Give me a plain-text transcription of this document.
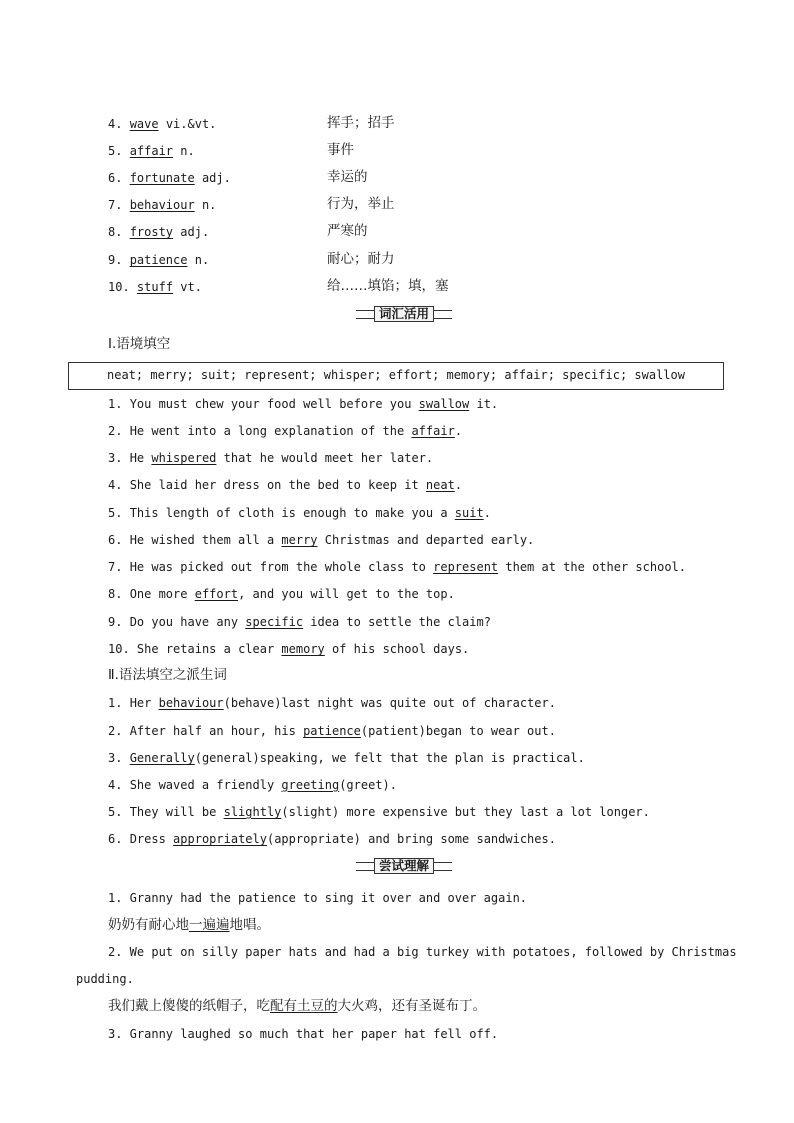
4. wave vi.&vt.	挥手；招手
5. affair n.	事件
6. fortunate adj.	幸运的
7. behaviour n.	行为，举止
8. frosty adj.	严寒的
9. patience n.	耐心；耐力
10. stuff vt.	给……填馅；填，塞
词汇活用
Ⅰ.语境填空
neat; merry; suit; represent; whisper; effort; memory; affair; specific; swallow
1. You must chew your food well before you swallow it.
2. He went into a long explanation of the affair.
3. He whispered that he would meet her later.
4. She laid her dress on the bed to keep it neat.
5. This length of cloth is enough to make you a suit.
6. He wished them all a merry Christmas and departed early.
7. He was picked out from the whole class to represent them at the other school.
8. One more effort, and you will get to the top.
9. Do you have any specific idea to settle the claim?
10. She retains a clear memory of his school days.
Ⅱ.语法填空之派生词
1. Her behaviour(behave)last night was quite out of character.
2. After half an hour, his patience(patient)began to wear out.
3. Generally(general)speaking, we felt that the plan is practical.
4. She waved a friendly greeting(greet).
5. They will be slightly(slight) more expensive but they last a lot longer.
6. Dress appropriately(appropriate) and bring some sandwiches.
尝试理解
1. Granny had the patience to sing it over and over again.
奶奶有耐心地一遍遍地唱。
2. We put on silly paper hats and had a big turkey with potatoes, followed by Christmas
pudding.
我们戴上傻傻的纸帽子，吃配有土豆的大火鸡，还有圣诞布丁。
3. Granny laughed so much that her paper hat fell off.
